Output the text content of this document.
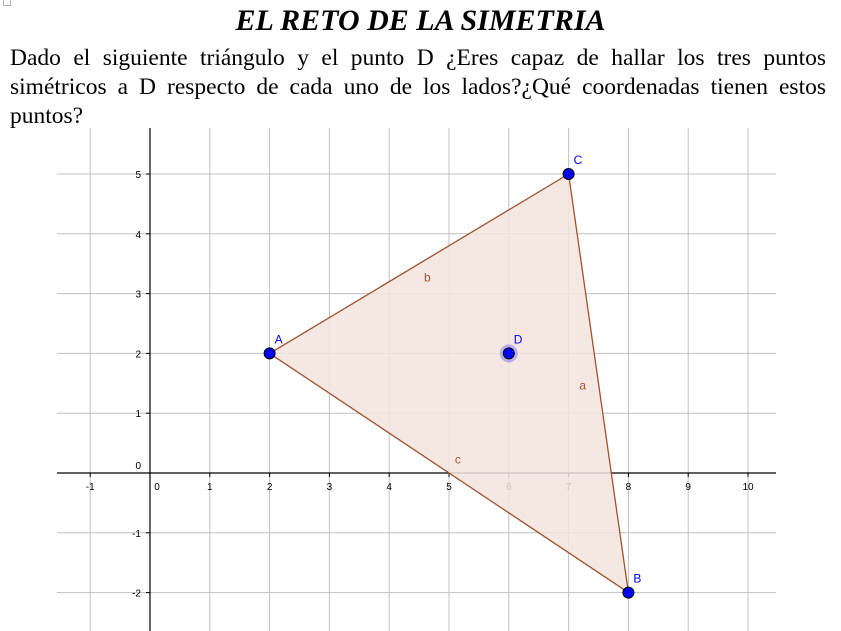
EL RETO DE LA SIMETRIA

Dado el siguiente triángulo y el punto D ¿Eres capaz de hallar los tres puntos simétricos a D respecto de cada uno de los lados?¿Qué coordenadas tienen estos puntos?

-1	0	1	2	3	4	5	8	9	10
-2
-1
0
1
2
3
4
5
a
b
c
A
B
C
D
